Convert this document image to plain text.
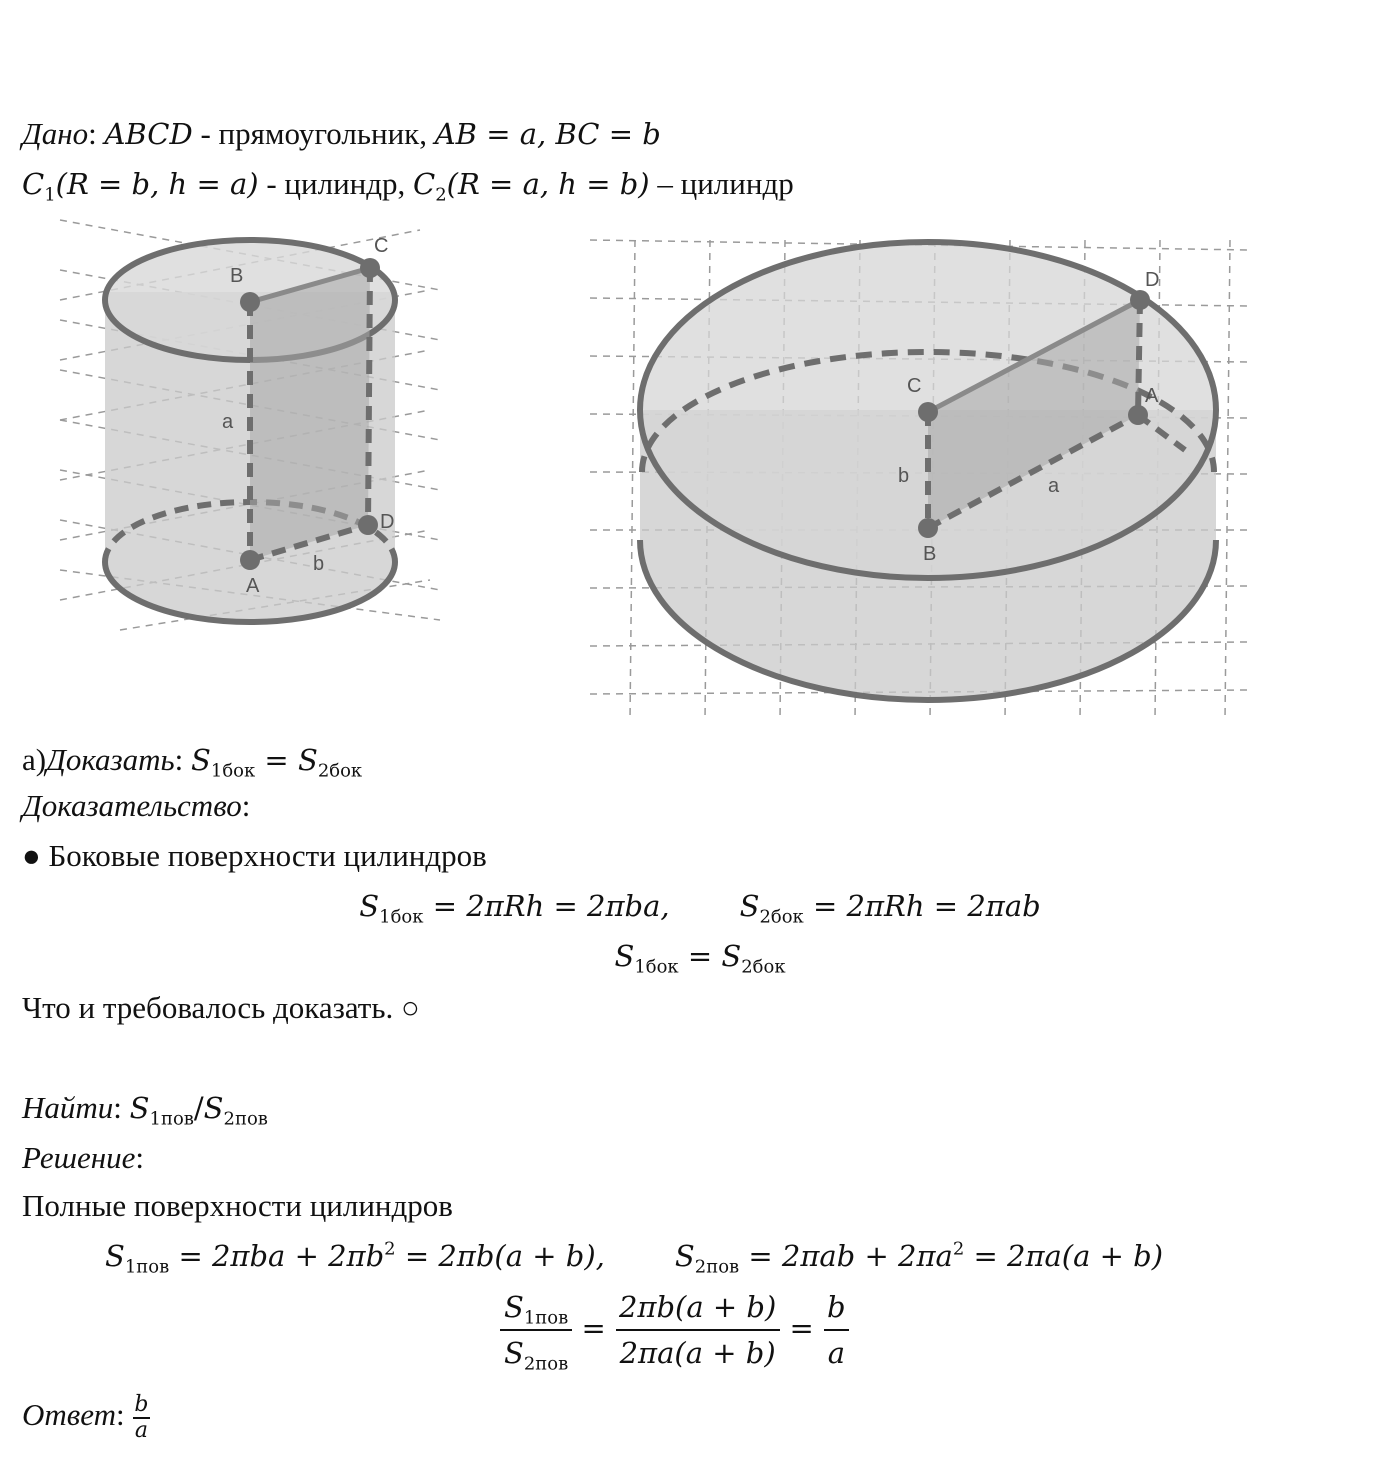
Дано: ABCD - прямоугольник, AB = a, BC = b
$C_1(R = b$, h = a) - цилиндр, $C_2(R = a$, h = b) – цилиндр
B
C
A
D
a
b
D
C	A
B
b	a
а)Доказать: $S_{1бок} = S_{2бок}$
Доказательство:
● Боковые поверхности цилиндров
$S_{1бок} = 2\pi Rh = 2\pi ba$, $S_{2бок} = 2\pi Rh = 2\pi ab$
$S_{1бок} = S_{2бок}$
Что и требовалось доказать. ○
Найти: $S_{1пов}/S_{2пов}$
Решение:
Полные поверхности цилиндров
$S_{1пов} = 2\pi ba + 2\pi b^2 = 2\pi b(a + b)$, $S_{2пов} = 2\pi ab + 2\pi a^2 = 2\pi a(a + b)$
$\frac{S_{1пов}}{S_{2пов}} = \frac{2\pi b(a + b)}{2\pi a(a + b)} = \frac{b}{a}$
Ответ: $\frac{b}{a}$
